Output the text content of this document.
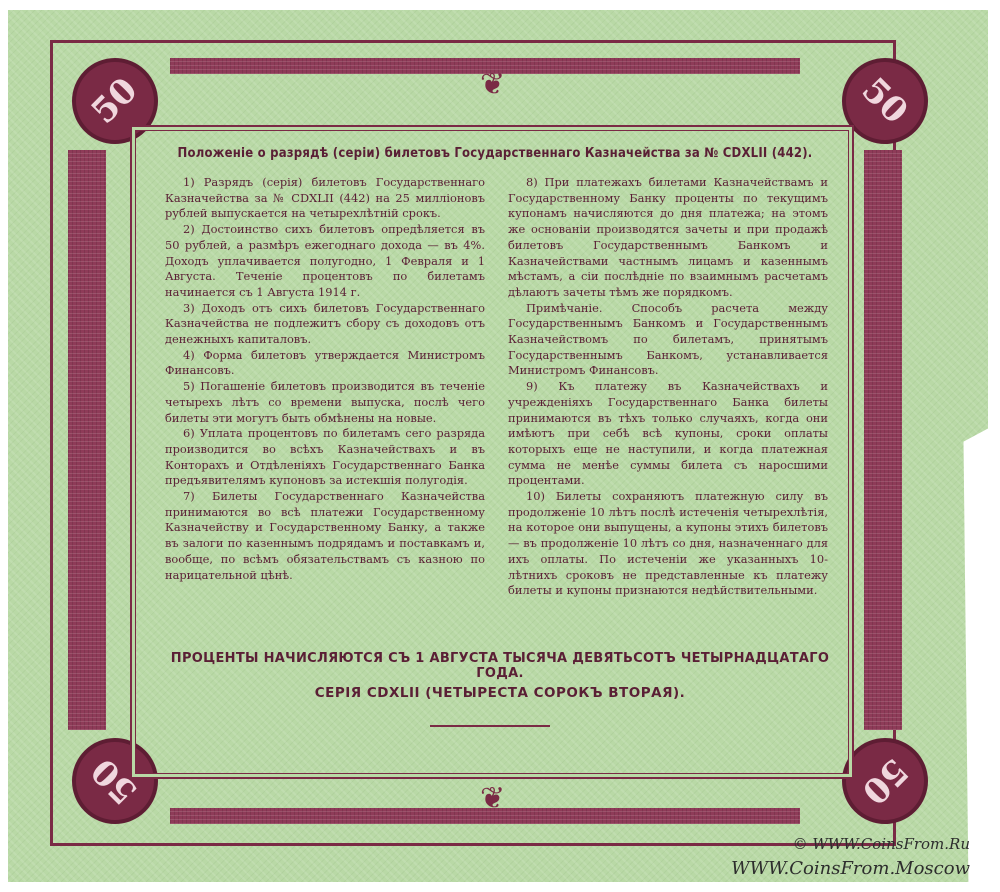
50	50
50	50
❦
❦
Положеніе о разрядѣ (серіи) билетовъ Государственнаго Казначейства за № CDXLII (442).

1) Разрядъ (серія) билетовъ Государственнаго Казначейства за № CDXLII (442) на 25 милліоновъ рублей выпускается на четырехлѣтній срокъ.

2) Достоинство сихъ билетовъ опредѣляется въ 50 рублей, а размѣръ ежегоднаго дохода — въ 4%. Доходъ уплачивается полугодно, 1 Февраля и 1 Августа. Теченіе процентовъ по билетамъ начинается съ 1 Августа 1914 г.

3) Доходъ отъ сихъ билетовъ Государственнаго Казначейства не подлежитъ сбору съ доходовъ отъ денежныхъ капиталовъ.

4) Форма билетовъ утверждается Министромъ Финансовъ.

5) Погашеніе билетовъ производится въ теченіе четырехъ лѣтъ со времени выпуска, послѣ чего билеты эти могутъ быть обмѣнены на новые.

6) Уплата процентовъ по билетамъ сего разряда производится во всѣхъ Казначействахъ и въ Конторахъ и Отдѣленіяхъ Государственнаго Банка предъявителямъ купоновъ за истекшія полугодія.

7) Билеты Государственнаго Казначейства принимаются во всѣ платежи Государственному Казначейству и Государственному Банку, а также въ залоги по казеннымъ подрядамъ и поставкамъ и, вообще, по всѣмъ обязательствамъ съ казною по нарицательной цѣнѣ.

8) При платежахъ билетами Казначействамъ и Государственному Банку проценты по текущимъ купонамъ начисляются до дня платежа; на этомъ же основаніи производятся зачеты и при продажѣ билетовъ Государственнымъ Банкомъ и Казначействами частнымъ лицамъ и казеннымъ мѣстамъ, а сіи послѣдніе по взаимнымъ расчетамъ дѣлаютъ зачеты тѣмъ же порядкомъ.

Примѣчаніе. Способъ расчета между Государственнымъ Банкомъ и Государственнымъ Казначействомъ по билетамъ, принятымъ Государственнымъ Банкомъ, устанавливается Министромъ Финансовъ.

9) Къ платежу въ Казначействахъ и учрежденіяхъ Государственнаго Банка билеты принимаются въ тѣхъ только случаяхъ, когда они имѣютъ при себѣ всѣ купоны, сроки оплаты которыхъ еще не наступили, и когда платежная сумма не менѣе суммы билета съ наросшими процентами.

10) Билеты сохраняютъ платежную силу въ продолженіе 10 лѣтъ послѣ истеченія четырехлѣтія, на которое они выпущены, а купоны этихъ билетовъ — въ продолженіе 10 лѣтъ со дня, назначеннаго для ихъ оплаты. По истеченіи же указанныхъ 10-лѣтнихъ сроковъ не представленные къ платежу билеты и купоны признаются недѣйствительными.

ПРОЦЕНТЫ НАЧИСЛЯЮТСЯ СЪ 1 АВГУСТА ТЫСЯЧА ДЕВЯТЬСОТЪ ЧЕТЫРНАДЦАТАГО ГОДА.
СЕРІЯ CDXLII (ЧЕТЫРЕСТА СОРОКЪ ВТОРАЯ).
© WWW.CoinsFrom.Ru
WWW.CoinsFrom.Moscow
